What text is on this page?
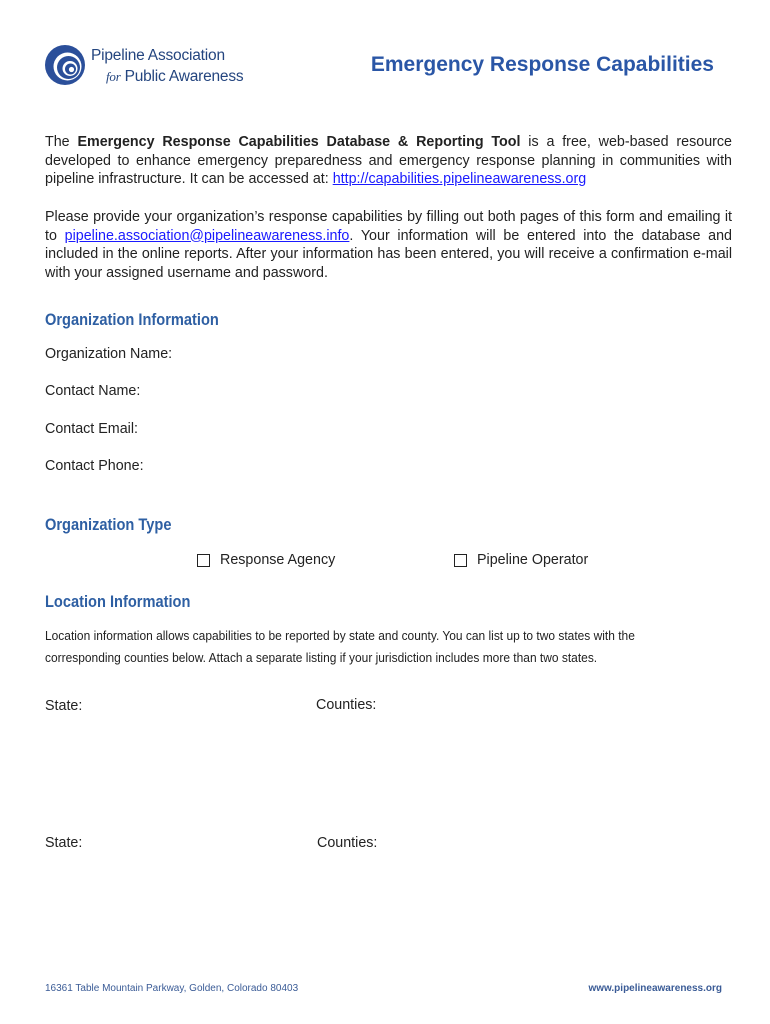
Pipeline Association
for Public Awareness
Emergency Response Capabilities
The Emergency Response Capabilities Database & Reporting Tool is a free, web-based resource developed to enhance emergency preparedness and emergency response planning in communities with pipeline infrastructure. It can be accessed at: http://capabilities.pipelineawareness.org
Please provide your organization’s response capabilities by filling out both pages of this form and emailing it to pipeline.association@pipelineawareness.info. Your information will be entered into the database and included in the online reports. After your information has been entered, you will receive a confirmation e-mail with your assigned username and password.
Organization Information
Organization Name:
Contact Name:
Contact Email:
Contact Phone:
Organization Type
Response Agency	Pipeline Operator
Location Information
Location information allows capabilities to be reported by state and county. You can list up to two states with the
corresponding counties below. Attach a separate listing if your jurisdiction includes more than two states.
State:	Counties:
State:	Counties:
16361 Table Mountain Parkway, Golden, Colorado 80403	www.pipelineawareness.org
